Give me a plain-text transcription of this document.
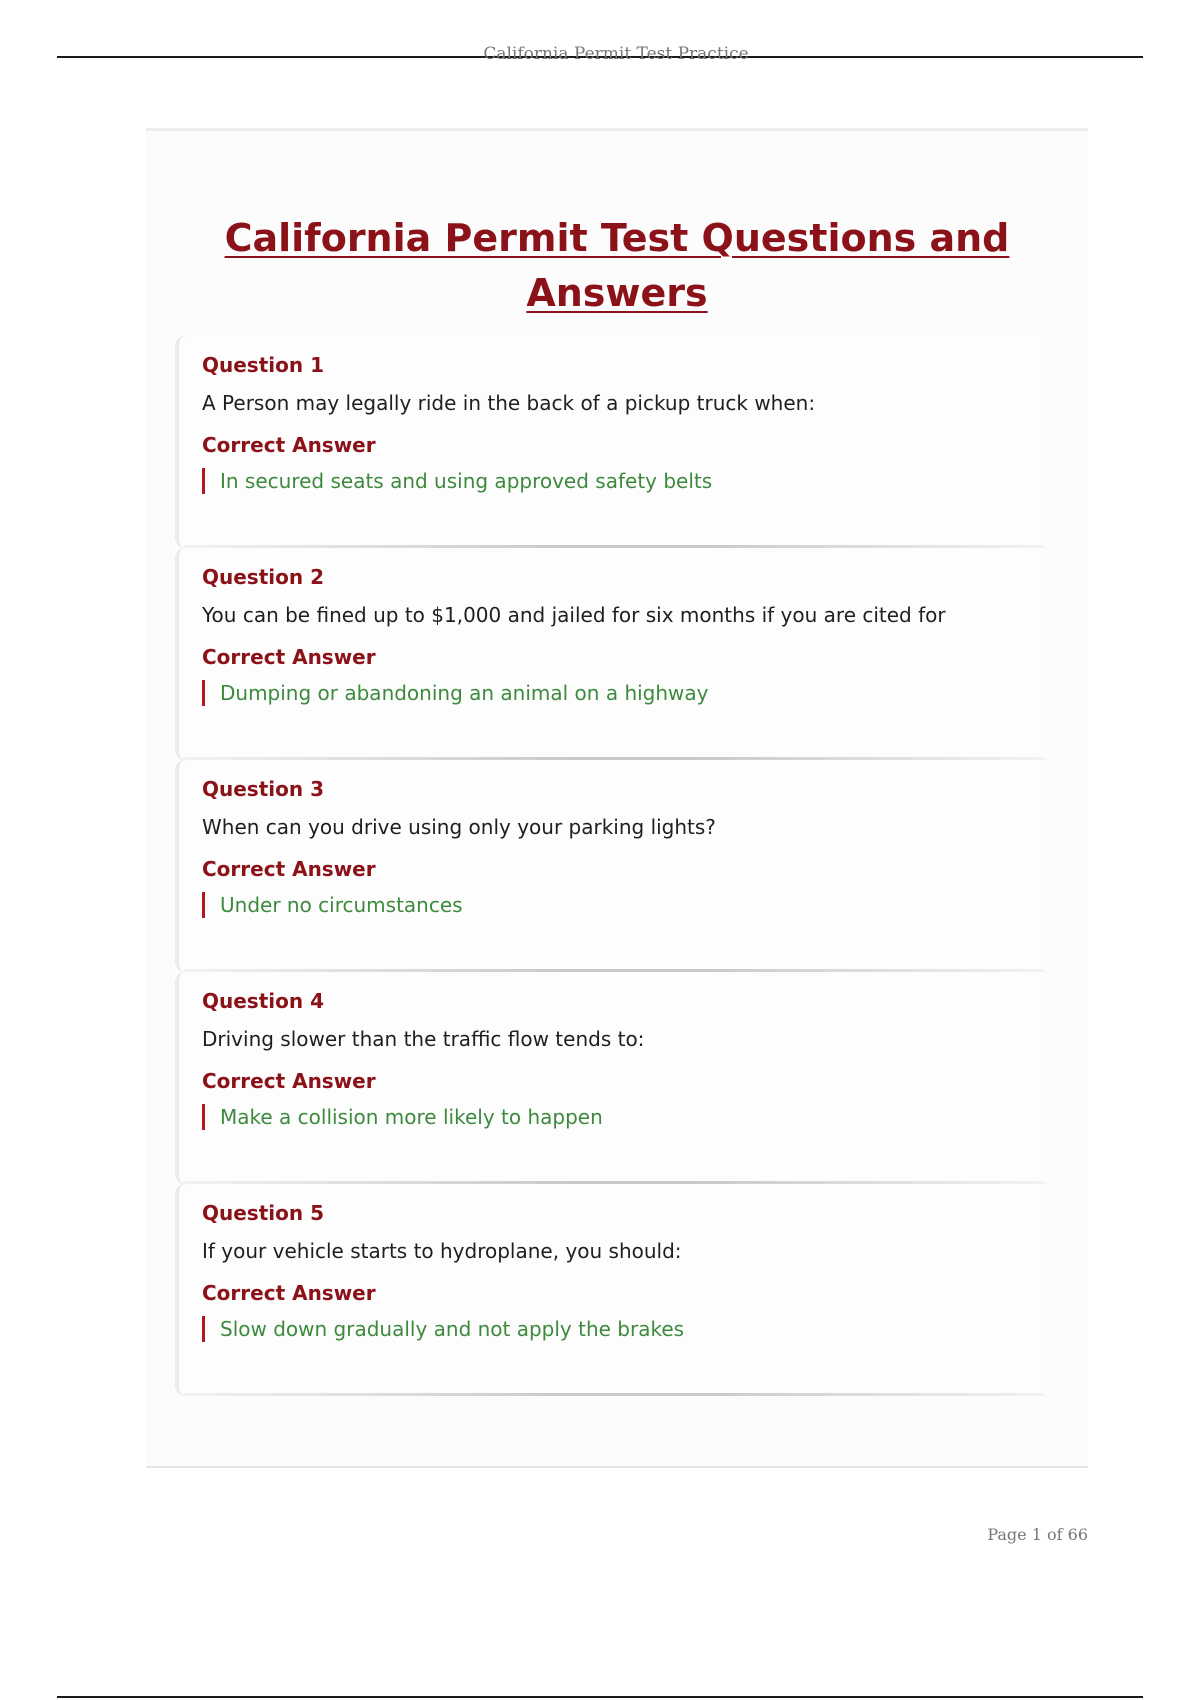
California Permit Test Practice
California Permit Test Questions and Answers
Question 1
A Person may legally ride in the back of a pickup truck when:
Correct Answer
In secured seats and using approved safety belts
Question 2
You can be fined up to $1,000 and jailed for six months if you are cited for
Correct Answer
Dumping or abandoning an animal on a highway
Question 3
When can you drive using only your parking lights?
Correct Answer
Under no circumstances
Question 4
Driving slower than the traffic flow tends to:
Correct Answer
Make a collision more likely to happen
Question 5
If your vehicle starts to hydroplane, you should:
Correct Answer
Slow down gradually and not apply the brakes
Page 1 of 66
